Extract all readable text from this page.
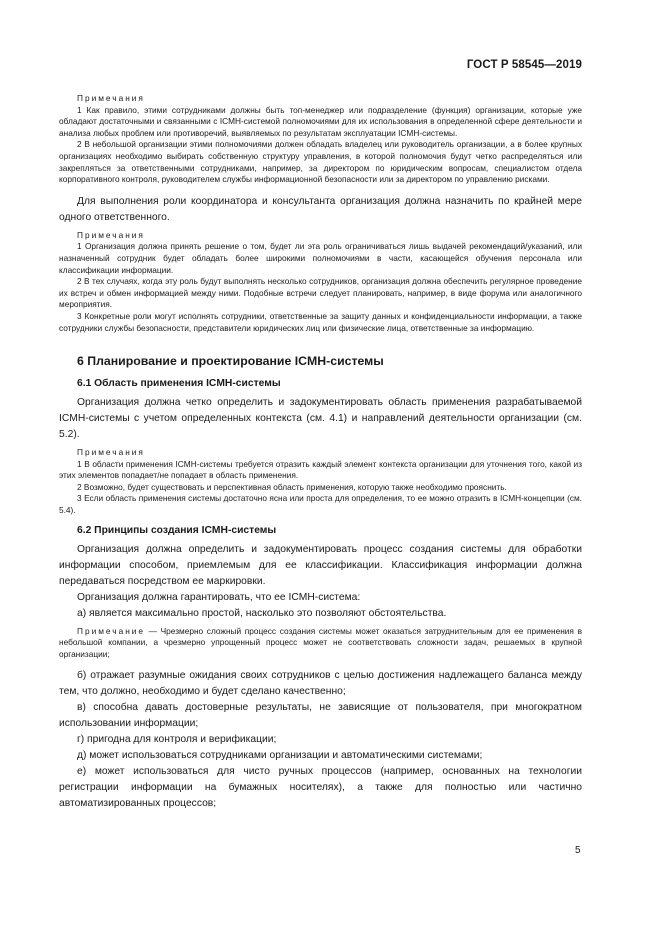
ГОСТ Р 58545—2019

Примечания

1 Как правило, этими сотрудниками должны быть топ-менеджер или подразделение (функция) организации, которые уже обладают достаточными и связанными с ICMH-системой полномочиями для их использования в определенной сфере деятельности и анализа любых проблем или противоречий, выявляемых по результатам эксплуатации ICMH-системы.

2 В небольшой организации этими полномочиями должен обладать владелец или руководитель организации, а в более крупных организациях необходимо выбирать собственную структуру управления, в которой полномочия будут четко распределяться или закрепляться за ответственными сотрудниками, например, за директором по юридическим вопросам, специалистом отдела корпоративного контроля, руководителем службы информационной безопасности или за директором по управлению рисками.

Для выполнения роли координатора и консультанта организация должна назначить по крайней мере одного ответственного.

Примечания

1 Организация должна принять решение о том, будет ли эта роль ограничиваться лишь выдачей рекомендаций/указаний, или назначенный сотрудник будет обладать более широкими полномочиями в части, касающейся обучения персонала или классификации информации.

2 В тех случаях, когда эту роль будут выполнять несколько сотрудников, организация должна обеспечить регулярное проведение их встреч и обмен информацией между ними. Подобные встречи следует планировать, например, в виде форума или аналогичного мероприятия.

3 Конкретные роли могут исполнять сотрудники, ответственные за защиту данных и конфиденциальности информации, а также сотрудники службы безопасности, представители юридических лиц или физические лица, ответственные за информацию.

6 Планирование и проектирование ICMH-системы

6.1 Область применения ICMH-системы

Организация должна четко определить и задокументировать область применения разрабатываемой ICMH-системы с учетом определенных контекста (см. 4.1) и направлений деятельности организации (см. 5.2).

Примечания

1 В области применения ICMH-системы требуется отразить каждый элемент контекста организации для уточнения того, какой из этих элементов попадает/не попадает в область применения.

2 Возможно, будет существовать и перспективная область применения, которую также необходимо прояснить.

3 Если область применения системы достаточно ясна или проста для определения, то ее можно отразить в ICMH-концепции (см. 5.4).

6.2 Принципы создания ICMH-системы

Организация должна определить и задокументировать процесс создания системы для обработки информации способом, приемлемым для ее классификации. Классификация информации должна передаваться посредством ее маркировки.

Организация должна гарантировать, что ее ICMH-система:

а) является максимально простой, насколько это позволяют обстоятельства.

Примечание — Чрезмерно сложный процесс создания системы может оказаться затруднительным для ее применения в небольшой компании, а чрезмерно упрощенный процесс может не соответствовать сложности задач, решаемых в крупной организации;

б) отражает разумные ожидания своих сотрудников с целью достижения надлежащего баланса между тем, что должно, необходимо и будет сделано качественно;

в) способна давать достоверные результаты, не зависящие от пользователя, при многократном использовании информации;

г) пригодна для контроля и верификации;

д) может использоваться сотрудниками организации и автоматическими системами;

е) может использоваться для чисто ручных процессов (например, основанных на технологии регистрации информации на бумажных носителях), а также для полностью или частично автоматизированных процессов;

5
